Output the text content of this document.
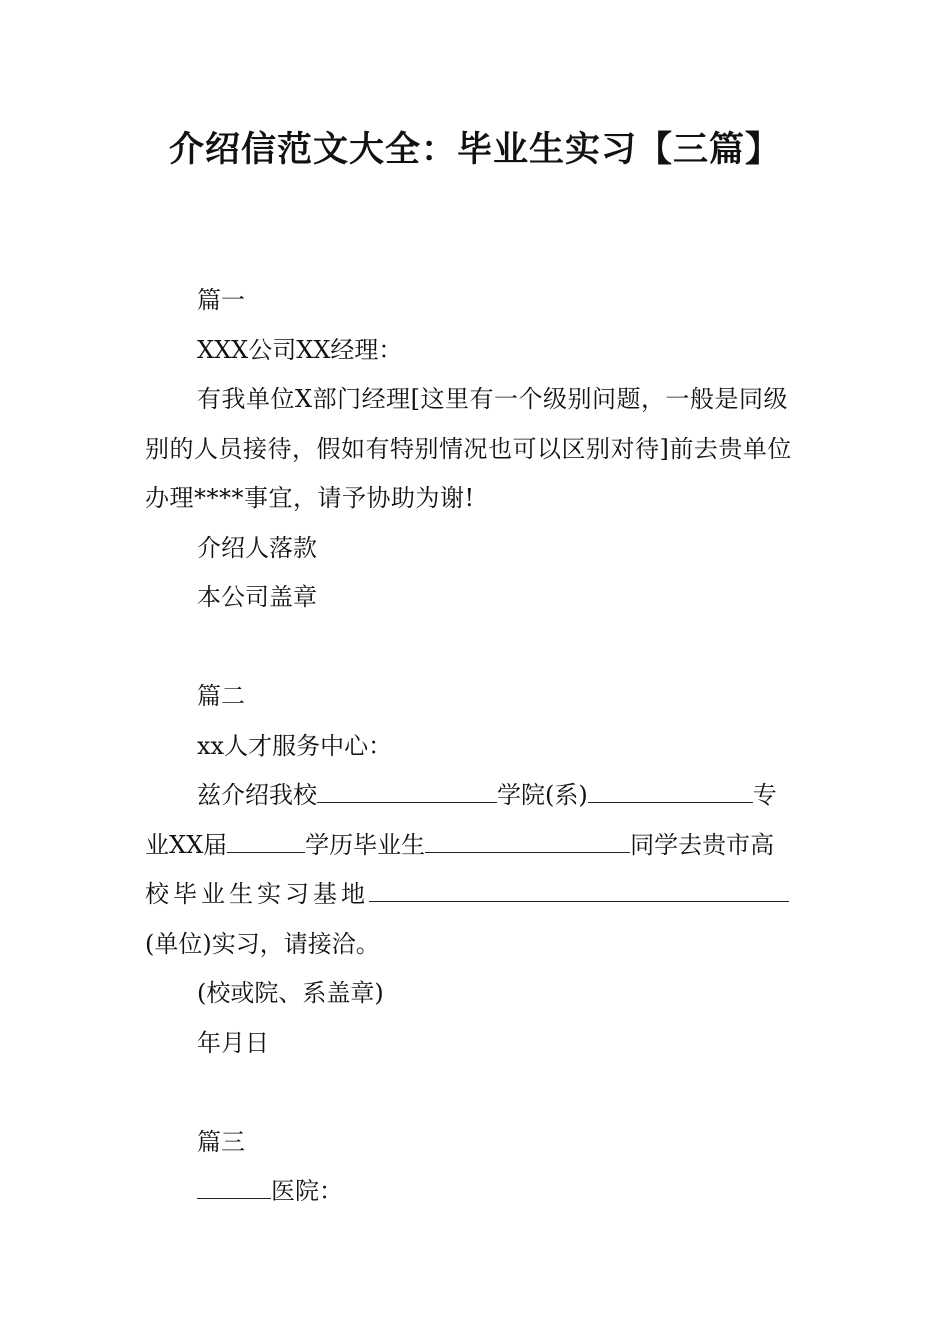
介绍信范文大全：毕业生实习【三篇】

篇一

XXX公司XX经理：

有我单位X部门经理[这里有一个级别问题，一般是同级别的人员接待，假如有特别情况也可以区别对待]前去贵单位办理****事宜，请予协助为谢!

介绍人落款

本公司盖章

篇二

xx人才服务中心：

兹介绍我校	学院(系)	专

业XX届	学历毕业生	同学去贵市高

校毕业生实习基地

(单位)实习，请接洽。

(校或院、系盖章)

年月日

篇三

医院：
